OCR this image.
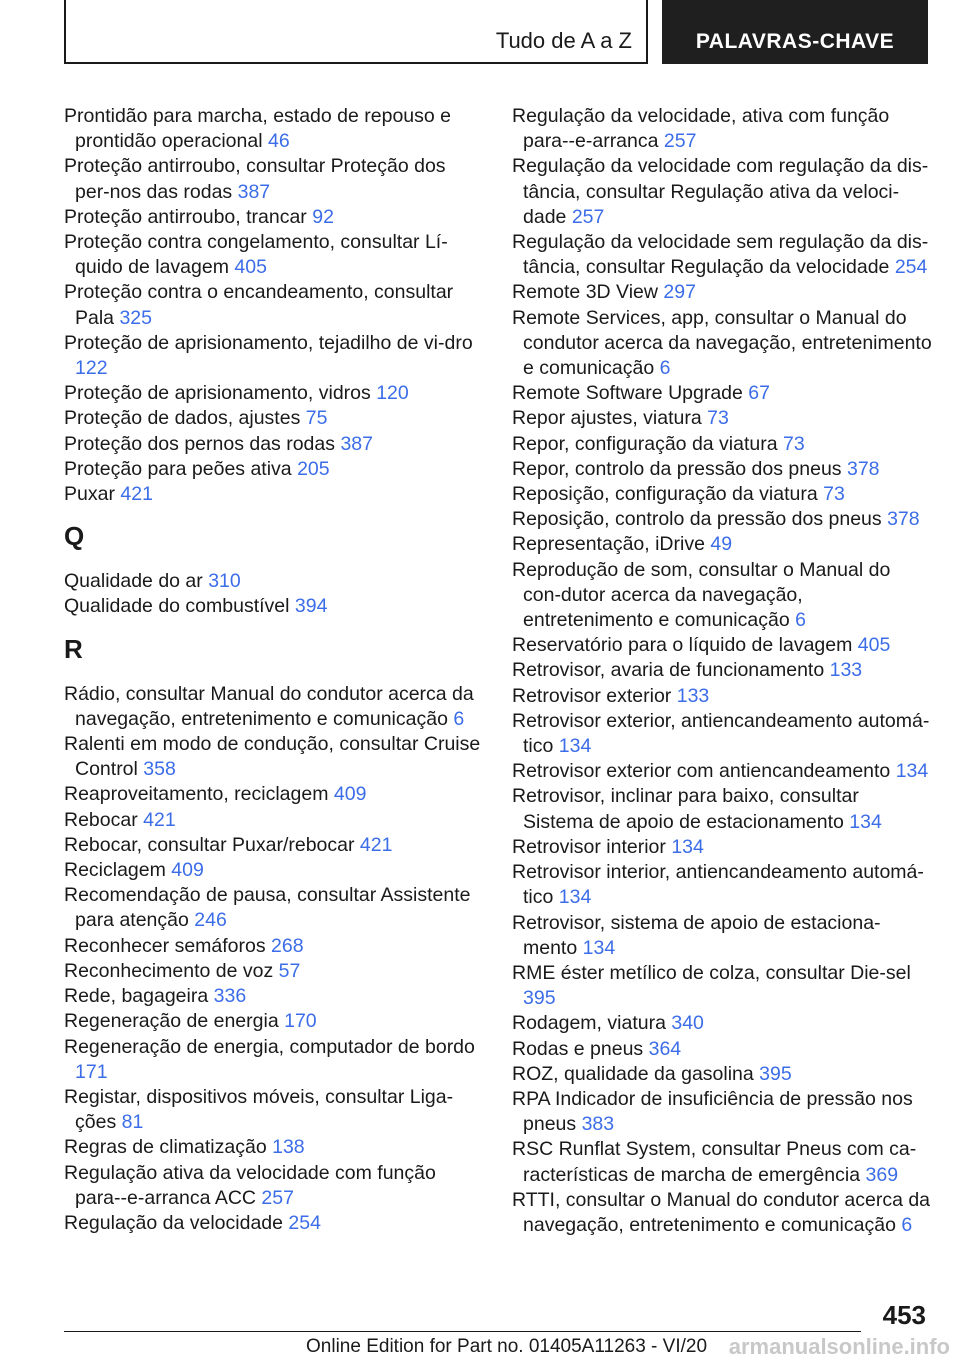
Tudo de A a Z	PALAVRAS-CHAVE
Prontidão para marcha, estado de repouso e prontidão operacional 46
Proteção antirroubo, consultar Proteção dos per-nos das rodas 387
Proteção antirroubo, trancar 92
Proteção contra congelamento, consultar Lí-quido de lavagem 405
Proteção contra o encandeamento, consultar Pala 325
Proteção de aprisionamento, tejadilho de vi-dro 122
Proteção de aprisionamento, vidros 120
Proteção de dados, ajustes 75
Proteção dos pernos das rodas 387
Proteção para peões ativa 205
Puxar 421
Q
Qualidade do ar 310
Qualidade do combustível 394
R
Rádio, consultar Manual do condutor acerca da navegação, entretenimento e comunicação 6
Ralenti em modo de condução, consultar Cruise Control 358
Reaproveitamento, reciclagem 409
Rebocar 421
Rebocar, consultar Puxar/rebocar 421
Reciclagem 409
Recomendação de pausa, consultar Assistente para atenção 246
Reconhecer semáforos 268
Reconhecimento de voz 57
Rede, bagageira 336
Regeneração de energia 170
Regeneração de energia, computador de bordo 171
Registar, dispositivos móveis, consultar Liga-ções 81
Regras de climatização 138
Regulação ativa da velocidade com função para--e-arranca ACC 257
Regulação da velocidade 254
Regulação da velocidade, ativa com função para--e-arranca 257
Regulação da velocidade com regulação da dis-tância, consultar Regulação ativa da veloci-dade 257
Regulação da velocidade sem regulação da dis-tância, consultar Regulação da velocidade 254
Remote 3D View 297
Remote Services, app, consultar o Manual do condutor acerca da navegação, entretenimento e comunicação 6
Remote Software Upgrade 67
Repor ajustes, viatura 73
Repor, configuração da viatura 73
Repor, controlo da pressão dos pneus 378
Reposição, configuração da viatura 73
Reposição, controlo da pressão dos pneus 378
Representação, iDrive 49
Reprodução de som, consultar o Manual do con-dutor acerca da navegação, entretenimento e comunicação 6
Reservatório para o líquido de lavagem 405
Retrovisor, avaria de funcionamento 133
Retrovisor exterior 133
Retrovisor exterior, antiencandeamento automá-tico 134
Retrovisor exterior com antiencandeamento 134
Retrovisor, inclinar para baixo, consultar Sistema de apoio de estacionamento 134
Retrovisor interior 134
Retrovisor interior, antiencandeamento automá-tico 134
Retrovisor, sistema de apoio de estaciona-mento 134
RME éster metílico de colza, consultar Die-sel 395
Rodagem, viatura 340
Rodas e pneus 364
ROZ, qualidade da gasolina 395
RPA Indicador de insuficiência de pressão nos pneus 383
RSC Runflat System, consultar Pneus com ca-racterísticas de marcha de emergência 369
RTTI, consultar o Manual do condutor acerca da navegação, entretenimento e comunicação 6
453
Online Edition for Part no. 01405A11263 - VI/20 armanualsonline.info
